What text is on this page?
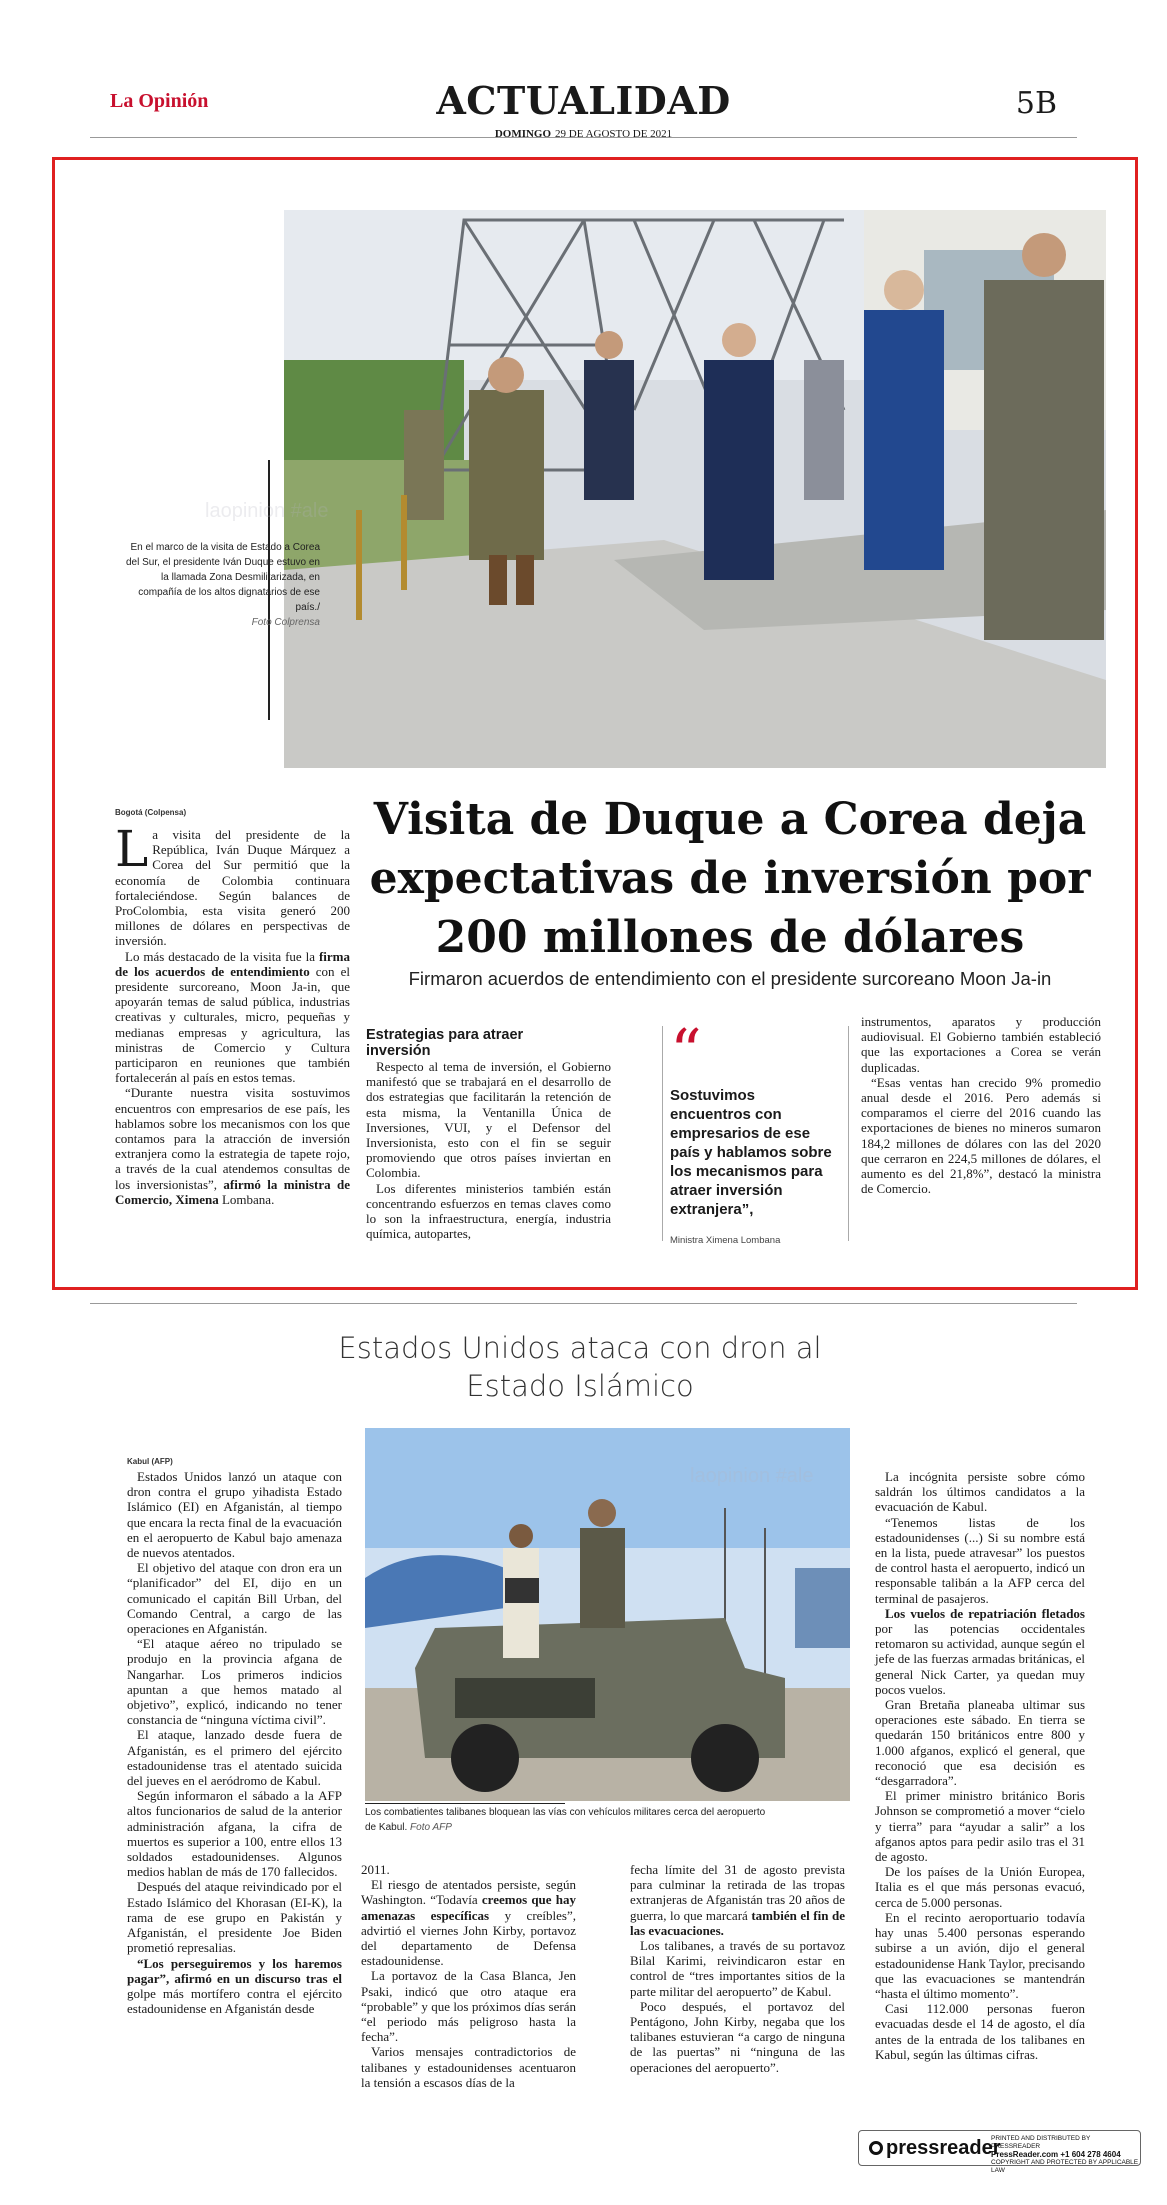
La Opinión	ACTUALIDAD	5B
DOMINGO 29 DE AGOSTO DE 2021
En el marco de la visita de Estado a Corea del Sur, el presidente Iván Duque estuvo en la llamada Zona Desmilitarizada, en compañía de los altos dignatarios de ese país./
Foto Colprensa
Bogotá (Colpensa)

La visita del presidente de la República, Iván Duque Márquez a Corea del Sur permitió que la economía de Colombia continuara fortaleciéndose. Según balances de ProColombia, esta visita generó 200 millones de dólares en perspectivas de inversión.

Lo más destacado de la visita fue la firma de los acuerdos de entendimiento con el presidente surcoreano, Moon Ja-in, que apoyarán temas de salud pública, industrias creativas y culturales, micro, pequeñas y medianas empresas y agricultura, las ministras de Comercio y Cultura participaron en reuniones que también fortalecerán al país en estos temas.

“Durante nuestra visita sostuvimos encuentros con empresarios de ese país, les hablamos sobre los mecanismos con los que contamos para la atracción de inversión extranjera como la estrategia de tapete rojo, a través de la cual atendemos consultas de los inversionistas”, afirmó la ministra de Comercio, Ximena Lombana.

Visita de Duque a Corea deja expectativas de inversión por 200 millones de dólares
Firmaron acuerdos de entendimiento con el presidente surcoreano Moon Ja-in
Estrategias para atraer inversión

Respecto al tema de inversión, el Gobierno manifestó que se trabajará en el desarrollo de dos estrategias que facilitarán la retención de esta misma, la Ventanilla Única de Inversiones, VUI, y el Defensor del Inversionista, esto con el fin se seguir promoviendo que otros países inviertan en Colombia.

Los diferentes ministerios también están concentrando esfuerzos en temas claves como lo son la infraestructura, energía, industria química, autopartes,

“
Sostuvimos encuentros con empresarios de ese país y hablamos sobre los mecanismos para atraer inversión extranjera”,
Ministra Ximena Lombana

instrumentos, aparatos y producción audiovisual. El Gobierno también estableció que las exportaciones a Corea se verán duplicadas.

“Esas ventas han crecido 9% promedio anual desde el 2016. Pero además si comparamos el cierre del 2016 cuando las exportaciones de bienes no mineros sumaron 184,2 millones de dólares con las del 2020 que cerraron en 224,5 millones de dólares, el aumento es del 21,8%”, destacó la ministra de Comercio.

laopinion #ale
Estados Unidos ataca con dron al Estado Islámico
Kabul (AFP)

Estados Unidos lanzó un ataque con dron contra el grupo yihadista Estado Islámico (EI) en Afganistán, al tiempo que encara la recta final de la evacuación en el aeropuerto de Kabul bajo amenaza de nuevos atentados.

El objetivo del ataque con dron era un “planificador” del EI, dijo en un comunicado el capitán Bill Urban, del Comando Central, a cargo de las operaciones en Afganistán.

“El ataque aéreo no tripulado se produjo en la provincia afgana de Nangarhar. Los primeros indicios apuntan a que hemos matado al objetivo”, explicó, indicando no tener constancia de “ninguna víctima civil”.

El ataque, lanzado desde fuera de Afganistán, es el primero del ejército estadounidense tras el atentado suicida del jueves en el aeródromo de Kabul.

Según informaron el sábado a la AFP altos funcionarios de salud de la anterior administración afgana, la cifra de muertos es superior a 100, entre ellos 13 soldados estadounidenses. Algunos medios hablan de más de 170 fallecidos.

Después del ataque reivindicado por el Estado Islámico del Khorasan (EI-K), la rama de ese grupo en Pakistán y Afganistán, el presidente Joe Biden prometió represalias.

“Los perseguiremos y los haremos pagar”, afirmó en un discurso tras el golpe más mortífero contra el ejército estadounidense en Afganistán desde

Los combatientes talibanes bloquean las vías con vehículos militares cerca del aeropuerto de Kabul. Foto AFP

2011.

El riesgo de atentados persiste, según Washington. “Todavía creemos que hay amenazas específicas y creíbles”, advirtió el viernes John Kirby, portavoz del departamento de Defensa estadounidense.

La portavoz de la Casa Blanca, Jen Psaki, indicó que otro ataque era “probable” y que los próximos días serán “el periodo más peligroso hasta la fecha”.

Varios mensajes contradictorios de talibanes y estadounidenses acentuaron la tensión a escasos días de la

fecha límite del 31 de agosto prevista para culminar la retirada de las tropas extranjeras de Afganistán tras 20 años de guerra, lo que marcará también el fin de las evacuaciones.

Los talibanes, a través de su portavoz Bilal Karimi, reivindicaron estar en control de “tres importantes sitios de la parte militar del aeropuerto” de Kabul.

Poco después, el portavoz del Pentágono, John Kirby, negaba que los talibanes estuvieran “a cargo de ninguna de las puertas” ni “ninguna de las operaciones del aeropuerto”.

La incógnita persiste sobre cómo saldrán los últimos candidatos a la evacuación de Kabul.

“Tenemos listas de los estadounidenses (...) Si su nombre está en la lista, puede atravesar” los puestos de control hasta el aeropuerto, indicó un responsable talibán a la AFP cerca del terminal de pasajeros.

Los vuelos de repatriación fletados por las potencias occidentales retomaron su actividad, aunque según el jefe de las fuerzas armadas británicas, el general Nick Carter, ya quedan muy pocos vuelos.

Gran Bretaña planeaba ultimar sus operaciones este sábado. En tierra se quedarán 150 británicos entre 800 y 1.000 afganos, explicó el general, que reconoció que esa decisión es “desgarradora”.

El primer ministro británico Boris Johnson se comprometió a mover “cielo y tierra” para “ayudar a salir” a los afganos aptos para pedir asilo tras el 31 de agosto.

De los países de la Unión Europea, Italia es el que más personas evacuó, cerca de 5.000 personas.

En el recinto aeroportuario todavía hay unas 5.400 personas esperando subirse a un avión, dijo el general estadounidense Hank Taylor, precisando que las evacuaciones se mantendrán “hasta el último momento”.

Casi 112.000 personas fueron evacuadas desde el 14 de agosto, el día antes de la entrada de los talibanes en Kabul, según las últimas cifras.

laopinion #ale
pressreader
PRINTED AND DISTRIBUTED BY PRESSREADER
PressReader.com +1 604 278 4604
COPYRIGHT AND PROTECTED BY APPLICABLE LAW
